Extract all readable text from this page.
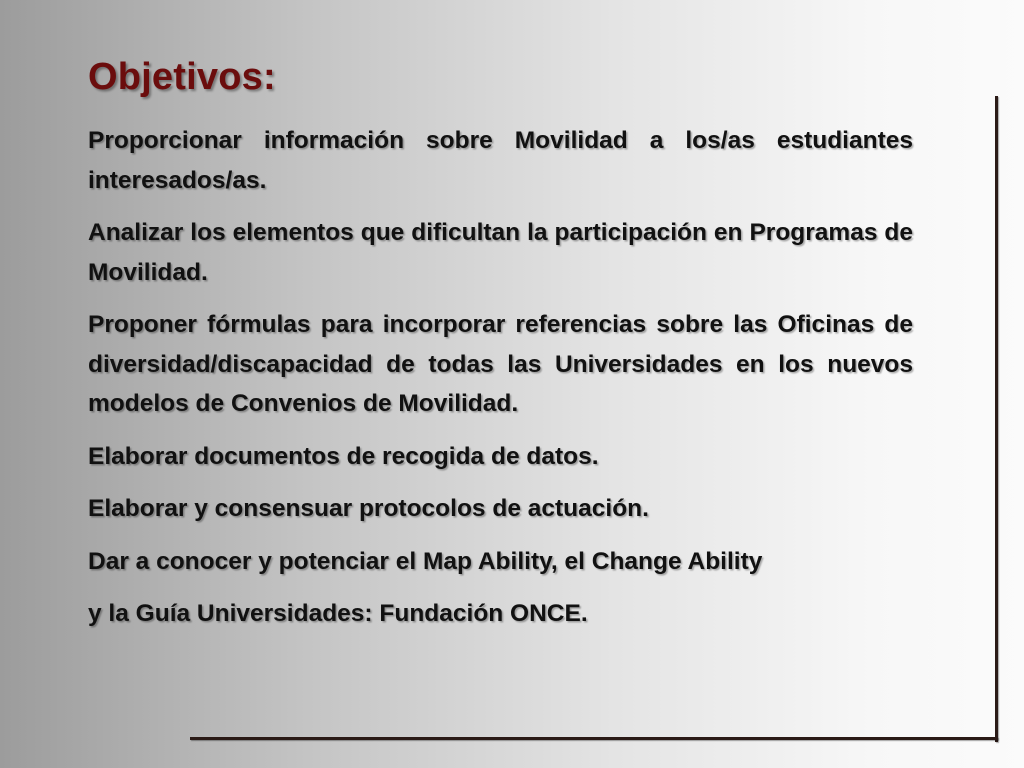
Objetivos:

Proporcionar información sobre Movilidad a los/as estudiantes interesados/as.

Analizar los elementos que dificultan la participación en Programas de Movilidad.

Proponer fórmulas para incorporar referencias sobre las Oficinas de diversidad/discapacidad de todas las Universidades en los nuevos modelos de Convenios de Movilidad.

Elaborar documentos de recogida de datos.

Elaborar y consensuar protocolos de actuación.

Dar a conocer y potenciar el Map Ability, el Change Ability

y la Guía Universidades: Fundación ONCE.
